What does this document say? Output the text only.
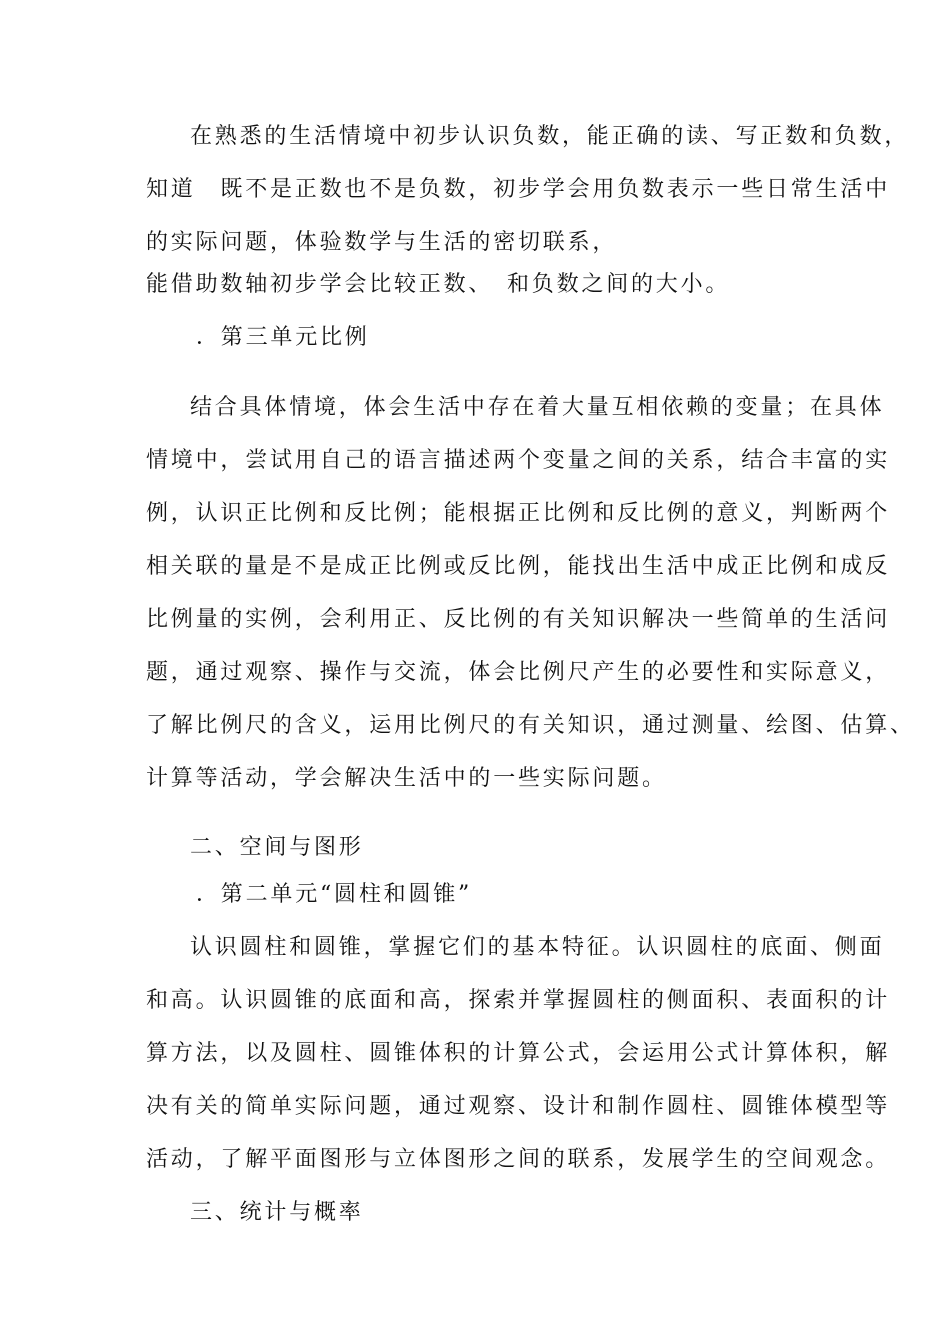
在熟悉的生活情境中初步认识负数，能正确的读、写正数和负数，
知道　既不是正数也不是负数，初步学会用负数表示一些日常生活中
的实际问题，体验数学与生活的密切联系，
能借助数轴初步学会比较正数、　和负数之间的大小。
．第三单元比例
结合具体情境，体会生活中存在着大量互相依赖的变量；在具体
情境中，尝试用自己的语言描述两个变量之间的关系，结合丰富的实
例，认识正比例和反比例；能根据正比例和反比例的意义，判断两个
相关联的量是不是成正比例或反比例，能找出生活中成正比例和成反
比例量的实例，会利用正、反比例的有关知识解决一些简单的生活问
题，通过观察、操作与交流，体会比例尺产生的必要性和实际意义，
了解比例尺的含义，运用比例尺的有关知识，通过测量、绘图、估算、
计算等活动，学会解决生活中的一些实际问题。
二、空间与图形
．第二单元“圆柱和圆锥”
认识圆柱和圆锥，掌握它们的基本特征。认识圆柱的底面、侧面
和高。认识圆锥的底面和高，探索并掌握圆柱的侧面积、表面积的计
算方法，以及圆柱、圆锥体积的计算公式，会运用公式计算体积，解
决有关的简单实际问题，通过观察、设计和制作圆柱、圆锥体模型等
活动，了解平面图形与立体图形之间的联系，发展学生的空间观念。
三、统计与概率
